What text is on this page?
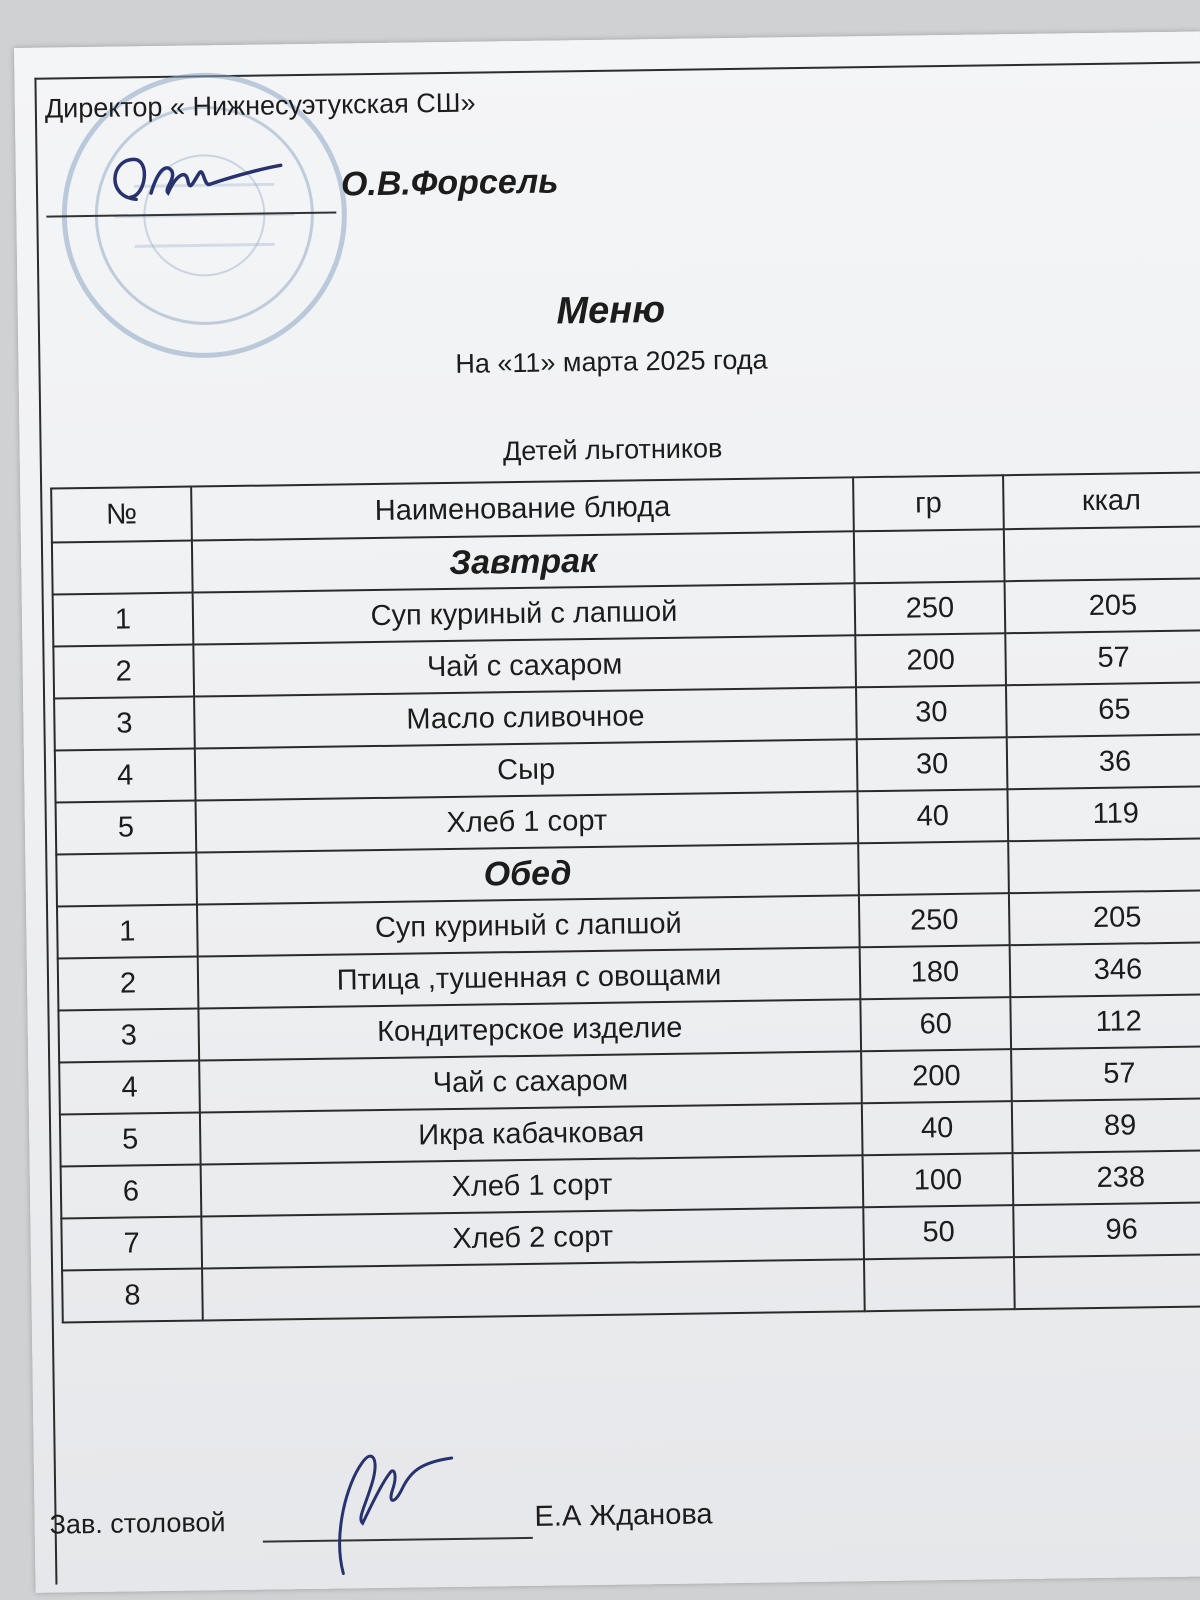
Директор « Нижнесуэтукская СШ»
О.В.Форсель
Меню
На «11» марта 2025 года
Детей льготников
№	Наименование блюда	гр	ккал
	Завтрак		
1	Суп куриный с лапшой	250	205
2	Чай с сахаром	200	57
3	Масло сливочное	30	65
4	Сыр	30	36
5	Хлеб 1 сорт	40	119
	Обед		
1	Суп куриный с лапшой	250	205
2	Птица ,тушенная с овощами	180	346
3	Кондитерское изделие	60	112
4	Чай с сахаром	200	57
5	Икра кабачковая	40	89
6	Хлеб 1 сорт	100	238
7	Хлеб 2 сорт	50	96
8			
Зав. столовой	Е.А Жданова
